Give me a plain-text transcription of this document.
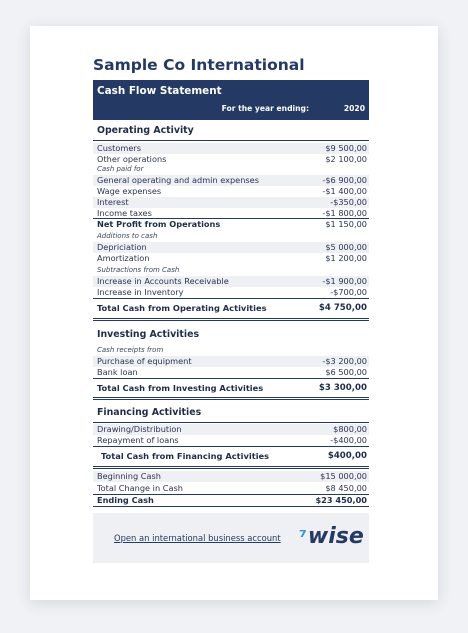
Sample Co International
Cash Flow Statement
For the year ending:	2020
Operating Activity
Customers	$9 500,00
Other operations	$2 100,00
Cash paid for
General operating and admin expenses	-$6 900,00
Wage expenses	-$1 400,00
Interest	-$350,00
Income taxes	-$1 800,00
Net Profit from Operations	$1 150,00
Additions to cash
Depriciation	$5 000,00
Amortization	$1 200,00
Subtractions from Cash
Increase in Accounts Receivable	-$1 900,00
Increase in Inventory	-$700,00
Total Cash from Operating Activities	$4 750,00
Investing Activities
Cash receipts from
Purchase of equipment	-$3 200,00
Bank loan	$6 500,00
Total Cash from Investing Activities	$3 300,00
Financing Activities
Drawing/Distribution	$800,00
Repayment of loans	-$400,00
Total Cash from Financing Activities	$400,00
Beginning Cash	$15 000,00
Total Change in Cash	$8 450,00
Ending Cash	$23 450,00
Open an international business account ⁷wise
